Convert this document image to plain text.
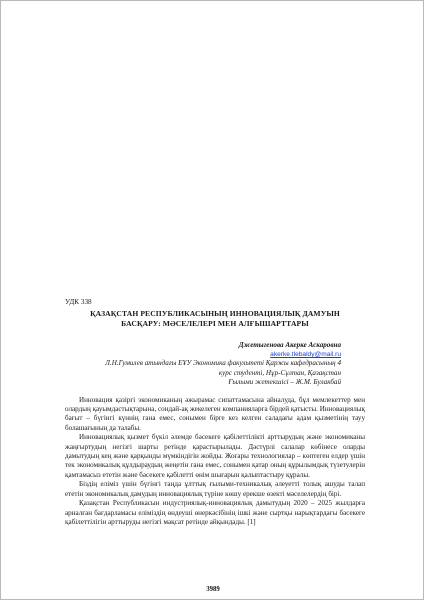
УДК 338

ҚАЗАҚСТАН РЕСПУБЛИКАСЫНЫҢ ИННОВАЦИЯЛЫҚ ДАМУЫН
БАСҚАРУ: МӘСЕЛЕЛЕРІ МЕН АЛҒЫШАРТТАРЫ

Джетыгенова Акерке Аскаровна

akerke.tlebaldy@mail.ru

Л.Н.Гумилев атындағы ЕҰУ Экономика факультеті Қаржы кафедрасының 4

курс студенті, Нұр-Сұлтан, Қазақстан

Ғылыми жетекшісі – Ж.М. Булакбай

Инновация қазіргі экономиканың әжырамас сипаттамасына айналуда, бұл мемлекеттер мен олардың қауымдастықтарына, сондай-ақ жекелеген компанияларға бірдей қатысты. Инновациялық бағыт – бүгінгі күннің гана емес, сонымен бірге кез келген саладағы адам қызметінің тауу болашағының да талабы.

Инновациялық қызмет бүкіл әлемде бәсекеге қабілеттілікті арттырудың және экономиканы жаңғыртудың негізгі шарты ретінде қарастырылады. Дәстүрлі салалар көбінесе оларды дамытудың кең және қарқынды мүмкіндігін жойды. Жоғары технологиялар – көптеген елдер үшін тек экономикалық құлдыраудың жеңетін гана емес, сонымен қатар оның құрылымдық түзетулерін қамтамасыз ететін және бәсекеге қабілетті өнім шығарын қалыптастыру құралы.

Біздің еліміз үшін бүгінгі таңда ұлттық ғылыми-техникалық әлеуетті толық ашуды талап ететін экономикалық дамудың инновациялық түріне көшу ерекше өзекті мәселелердің бірі.

Қазақстан Республикасын индустриялық-инновациялық дамытудың 2020 – 2025 жылдарға арналған бағдарламасы еліміздің өндеуші өнеркәсібінің ішкі және сыртқы нарықтардағы бәсекеге қабілеттілігін арттыруды негізгі мақсат ретінде айқындады. [1]

3989
